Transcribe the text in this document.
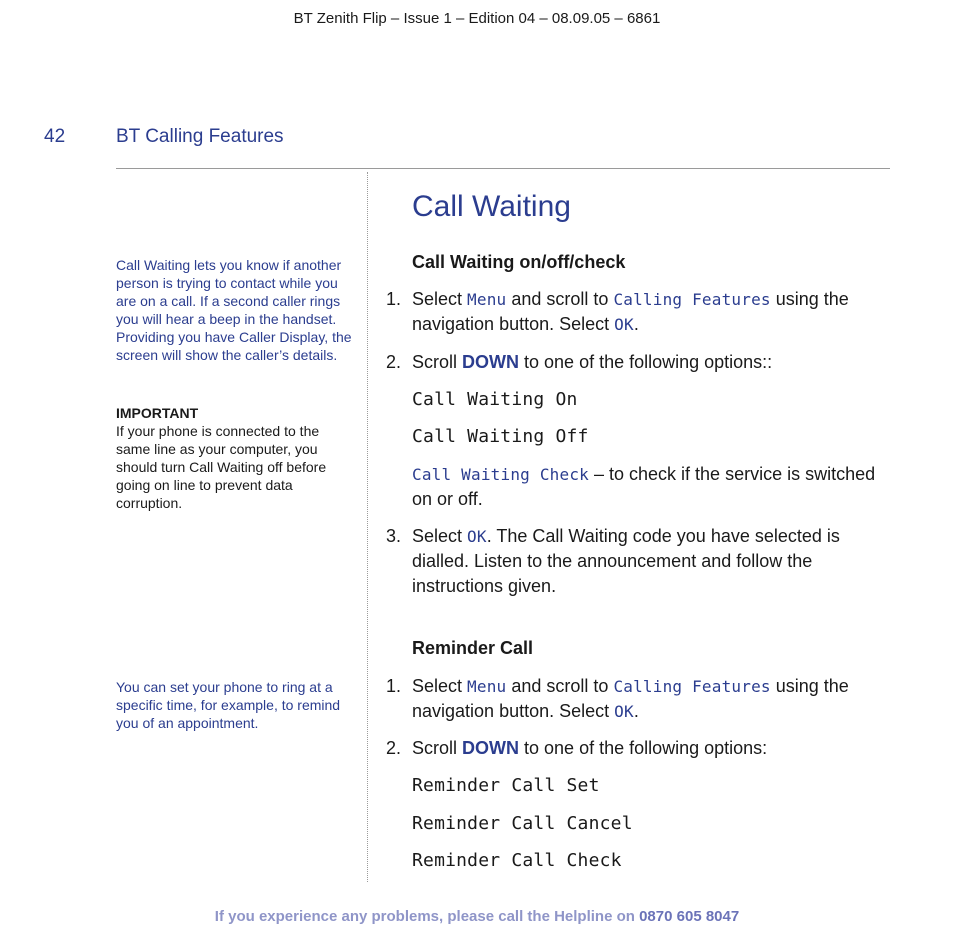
BT Zenith Flip – Issue 1 – Edition 04 – 08.09.05 – 6861
42	BT Calling Features
Call Waiting lets you know if another person is trying to contact while you are on a call. If a second caller rings you will hear a beep in the handset. Providing you have Caller Display, the screen will show the caller’s details.
IMPORTANT
If your phone is connected to the same line as your computer, you should turn Call Waiting off before going on line to prevent data corruption.
You can set your phone to ring at a specific time, for example, to remind you of an appointment.
Call Waiting
Call Waiting on/off/check
1. Select Menu and scroll to Calling Features using the navigation button. Select OK.
2. Scroll DOWN to one of the following options::
Call Waiting On
Call Waiting Off
Call Waiting Check – to check if the service is switched on or off.
3. Select OK. The Call Waiting code you have selected is dialled. Listen to the announcement and follow the instructions given.
Reminder Call
1. Select Menu and scroll to Calling Features using the navigation button. Select OK.
2. Scroll DOWN to one of the following options:
Reminder Call Set
Reminder Call Cancel
Reminder Call Check
If you experience any problems, please call the Helpline on 0870 605 8047
